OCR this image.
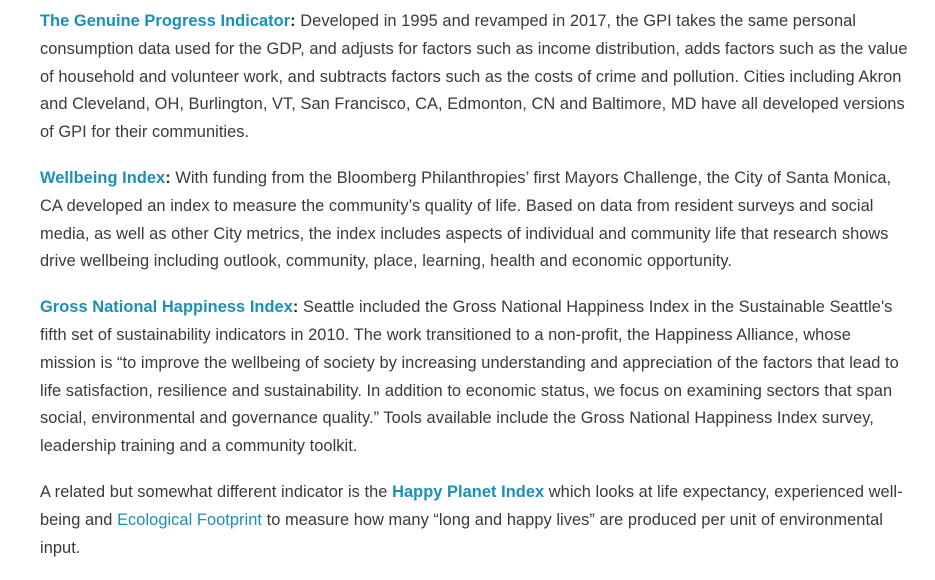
The Genuine Progress Indicator: Developed in 1995 and revamped in 2017, the GPI takes the same personal consumption data used for the GDP, and adjusts for factors such as income distribution, adds factors such as the value of household and volunteer work, and subtracts factors such as the costs of crime and pollution. Cities including Akron and Cleveland, OH, Burlington, VT, San Francisco, CA, Edmonton, CN and Baltimore, MD have all developed versions of GPI for their communities.

Wellbeing Index: With funding from the Bloomberg Philanthropies’ first Mayors Challenge, the City of Santa Monica, CA developed an index to measure the community’s quality of life. Based on data from resident surveys and social media, as well as other City metrics, the index includes aspects of individual and community life that research shows drive wellbeing including outlook, community, place, learning, health and economic opportunity.

Gross National Happiness Index: Seattle included the Gross National Happiness Index in the Sustainable Seattle's fifth set of sustainability indicators in 2010. The work transitioned to a non-profit, the Happiness Alliance, whose mission is “to improve the wellbeing of society by increasing understanding and appreciation of the factors that lead to life satisfaction, resilience and sustainability. In addition to economic status, we focus on examining sectors that span social, environmental and governance quality.” Tools available include the Gross National Happiness Index survey, leadership training and a community toolkit.

A related but somewhat different indicator is the Happy Planet Index which looks at life expectancy, experienced well-being and Ecological Footprint to measure how many “long and happy lives” are produced per unit of environmental input.
